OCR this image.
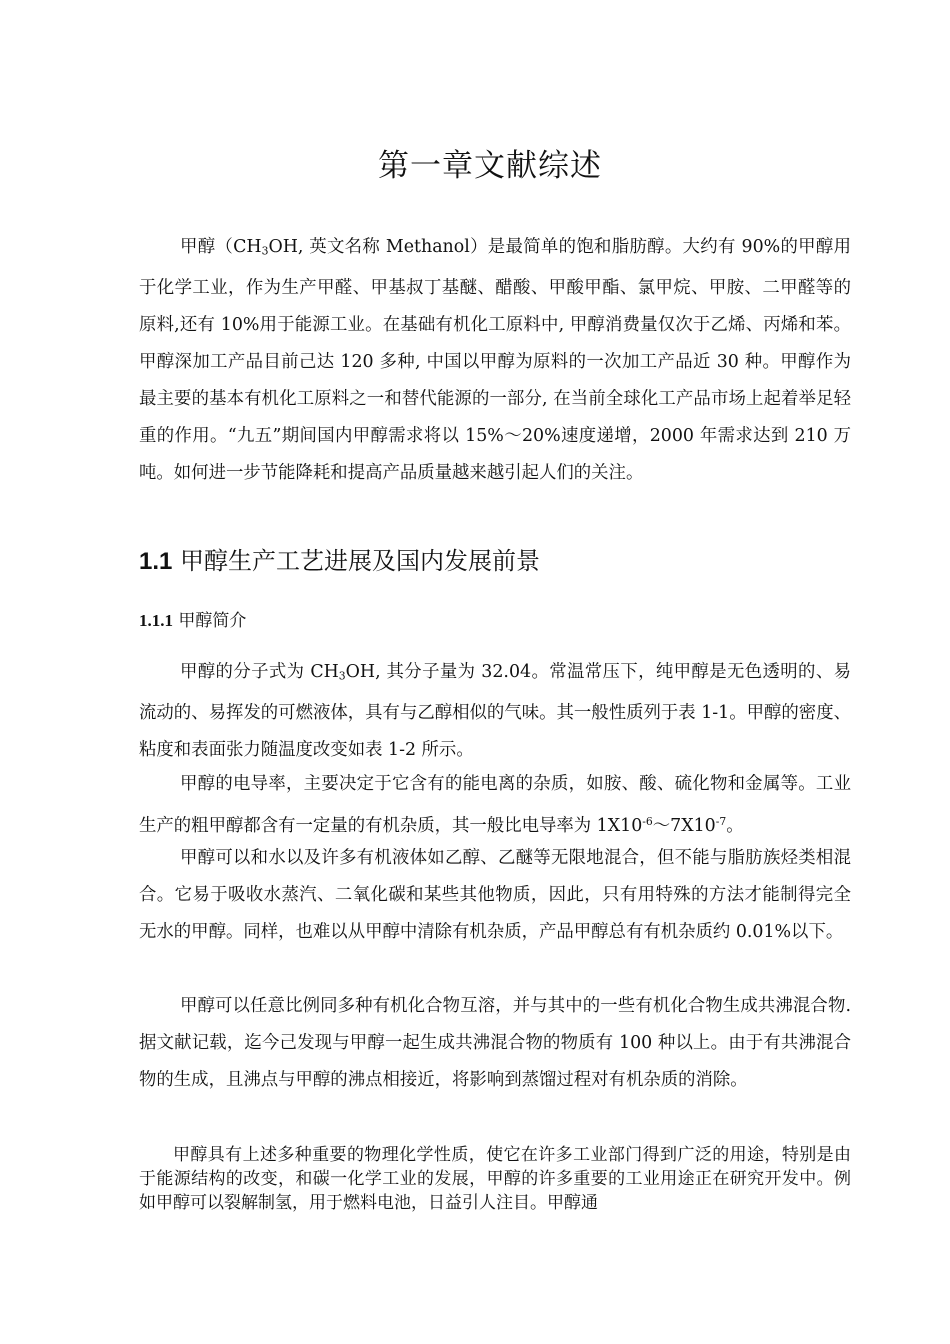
第一章文献综述

甲醇（$CH_3OH$, 英文名称 Methanol）是最简单的饱和脂肪醇。大约有 90%的甲醇用于化学工业，作为生产甲醛、甲基叔丁基醚、醋酸、甲酸甲酯、氯甲烷、甲胺、二甲醛等的原料,还有 10%用于能源工业。在基础有机化工原料中, 甲醇消费量仅次于乙烯、丙烯和苯。甲醇深加工产品目前己达 120 多种, 中国以甲醇为原料的一次加工产品近 30 种。甲醇作为最主要的基本有机化工原料之一和替代能源的一部分, 在当前全球化工产品市场上起着举足轻重的作用。“九五”期间国内甲醇需求将以 15%〜20%速度递增，2000 年需求达到 210 万吨。如何进一步节能降耗和提高产品质量越来越引起人们的关注。

1.1 甲醇生产工艺进展及国内发展前景
1.1.1 甲醇简介

甲醇的分子式为 $CH_3OH$, 其分子量为 32.04。常温常压下，纯甲醇是无色透明的、易流动的、易挥发的可燃液体，具有与乙醇相似的气味。其一般性质列于表 1-1。甲醇的密度、粘度和表面张力随温度改变如表 1-2 所示。

甲醇的电导率，主要决定于它含有的能电离的杂质，如胺、酸、硫化物和金属等。工业生产的粗甲醇都含有一定量的有机杂质，其一般比电导率为 $1X10^{-6}$〜$7X10^{-7}$。

甲醇可以和水以及许多有机液体如乙醇、乙醚等无限地混合，但不能与脂肪族烃类相混合。它易于吸收水蒸汽、二氧化碳和某些其他物质，因此，只有用特殊的方法才能制得完全无水的甲醇。同样，也难以从甲醇中清除有机杂质，产品甲醇总有有机杂质约 0.01%以下。

甲醇可以任意比例同多种有机化合物互溶，并与其中的一些有机化合物生成共沸混合物.据文献记载，迄今己发现与甲醇一起生成共沸混合物的物质有 100 种以上。由于有共沸混合物的生成，且沸点与甲醇的沸点相接近，将影响到蒸馏过程对有机杂质的消除。

甲醇具有上述多种重要的物理化学性质，使它在许多工业部门得到广泛的用途，特别是由于能源结构的改变，和碳一化学工业的发展，甲醇的许多重要的工业用途正在研究开发中。例如甲醇可以裂解制氢，用于燃料电池，日益引人注目。甲醇通
